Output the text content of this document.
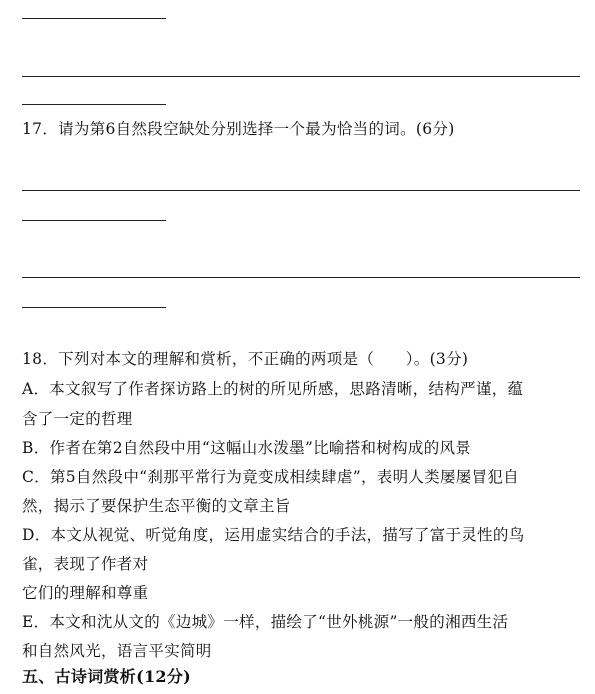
17．请为第6自然段空缺处分别选择一个最为恰当的词。(6分)
18．下列对本文的理解和赏析，不正确的两项是（　　）。(3分)
A．本文叙写了作者探访路上的树的所见所感，思路清晰，结构严谨，蕴
含了一定的哲理
B．作者在第2自然段中用“这幅山水泼墨”比喻搭和树构成的风景
C．第5自然段中“刹那平常行为竟变成相续肆虐”，表明人类屡屡冒犯自
然，揭示了要保护生态平衡的文章主旨
D．本文从视觉、听觉角度，运用虚实结合的手法，描写了富于灵性的鸟
雀，表现了作者对
它们的理解和尊重
E．本文和沈从文的《边城》一样，描绘了“世外桃源”一般的湘西生活
和自然风光，语言平实简明
五、古诗词赏析(12分)
